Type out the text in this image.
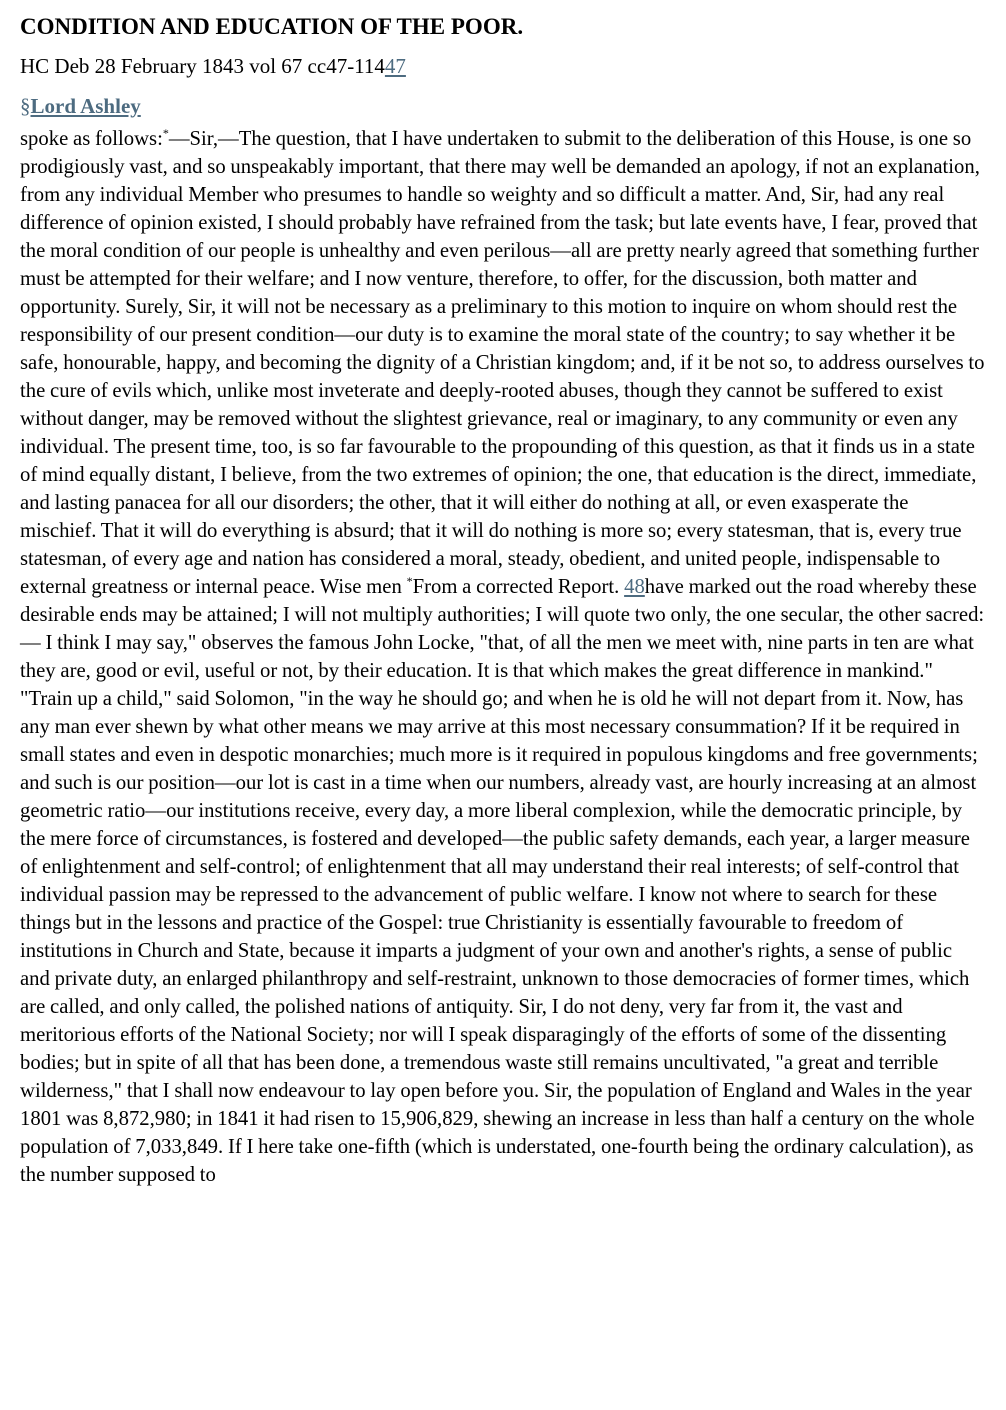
CONDITION AND EDUCATION OF THE POOR.
HC Deb 28 February 1843 vol 67 cc47-11447
§Lord Ashley

spoke as follows:*—Sir,—The question, that I have undertaken to submit to the deliberation of this House, is one so prodigiously vast, and so unspeakably important, that there may well be demanded an apology, if not an explanation, from any individual Member who presumes to handle so weighty and so difficult a matter. And, Sir, had any real difference of opinion existed, I should probably have refrained from the task; but late events have, I fear, proved that the moral condition of our people is unhealthy and even perilous—all are pretty nearly agreed that something further must be attempted for their welfare; and I now venture, therefore, to offer, for the discussion, both matter and opportunity. Surely, Sir, it will not be necessary as a preliminary to this motion to inquire on whom should rest the responsibility of our present condition—our duty is to examine the moral state of the country; to say whether it be safe, honourable, happy, and becoming the dignity of a Christian kingdom; and, if it be not so, to address ourselves to the cure of evils which, unlike most inveterate and deeply-rooted abuses, though they cannot be suffered to exist without danger, may be removed without the slightest grievance, real or imaginary, to any community or even any individual. The present time, too, is so far favourable to the propounding of this question, as that it finds us in a state of mind equally distant, I believe, from the two extremes of opinion; the one, that education is the direct, immediate, and lasting panacea for all our disorders; the other, that it will either do nothing at all, or even exasperate the mischief. That it will do everything is absurd; that it will do nothing is more so; every statesman, that is, every true statesman, of every age and nation has considered a moral, steady, obedient, and united people, indispensable to external greatness or internal peace. Wise men *From a corrected Report. 48have marked out the road whereby these desirable ends may be attained; I will not multiply authorities; I will quote two only, the one secular, the other sacred:— I think I may say," observes the famous John Locke, "that, of all the men we meet with, nine parts in ten are what they are, good or evil, useful or not, by their education. It is that which makes the great difference in mankind." "Train up a child," said Solomon, "in the way he should go; and when he is old he will not depart from it. Now, has any man ever shewn by what other means we may arrive at this most necessary consummation? If it be required in small states and even in despotic monarchies; much more is it required in populous kingdoms and free governments; and such is our position—our lot is cast in a time when our numbers, already vast, are hourly increasing at an almost geometric ratio—our institutions receive, every day, a more liberal complexion, while the democratic principle, by the mere force of circumstances, is fostered and developed—the public safety demands, each year, a larger measure of enlightenment and self-control; of enlightenment that all may understand their real interests; of self-control that individual passion may be repressed to the advancement of public welfare. I know not where to search for these things but in the lessons and practice of the Gospel: true Christianity is essentially favourable to freedom of institutions in Church and State, because it imparts a judgment of your own and another's rights, a sense of public and private duty, an enlarged philanthropy and self-restraint, unknown to those democracies of former times, which are called, and only called, the polished nations of antiquity. Sir, I do not deny, very far from it, the vast and meritorious efforts of the National Society; nor will I speak disparagingly of the efforts of some of the dissenting bodies; but in spite of all that has been done, a tremendous waste still remains uncultivated, "a great and terrible wilderness," that I shall now endeavour to lay open before you. Sir, the population of England and Wales in the year 1801 was 8,872,980; in 1841 it had risen to 15,906,829, shewing an increase in less than half a century on the whole population of 7,033,849. If I here take one-fifth (which is understated, one-fourth being the ordinary calculation), as the number supposed to
